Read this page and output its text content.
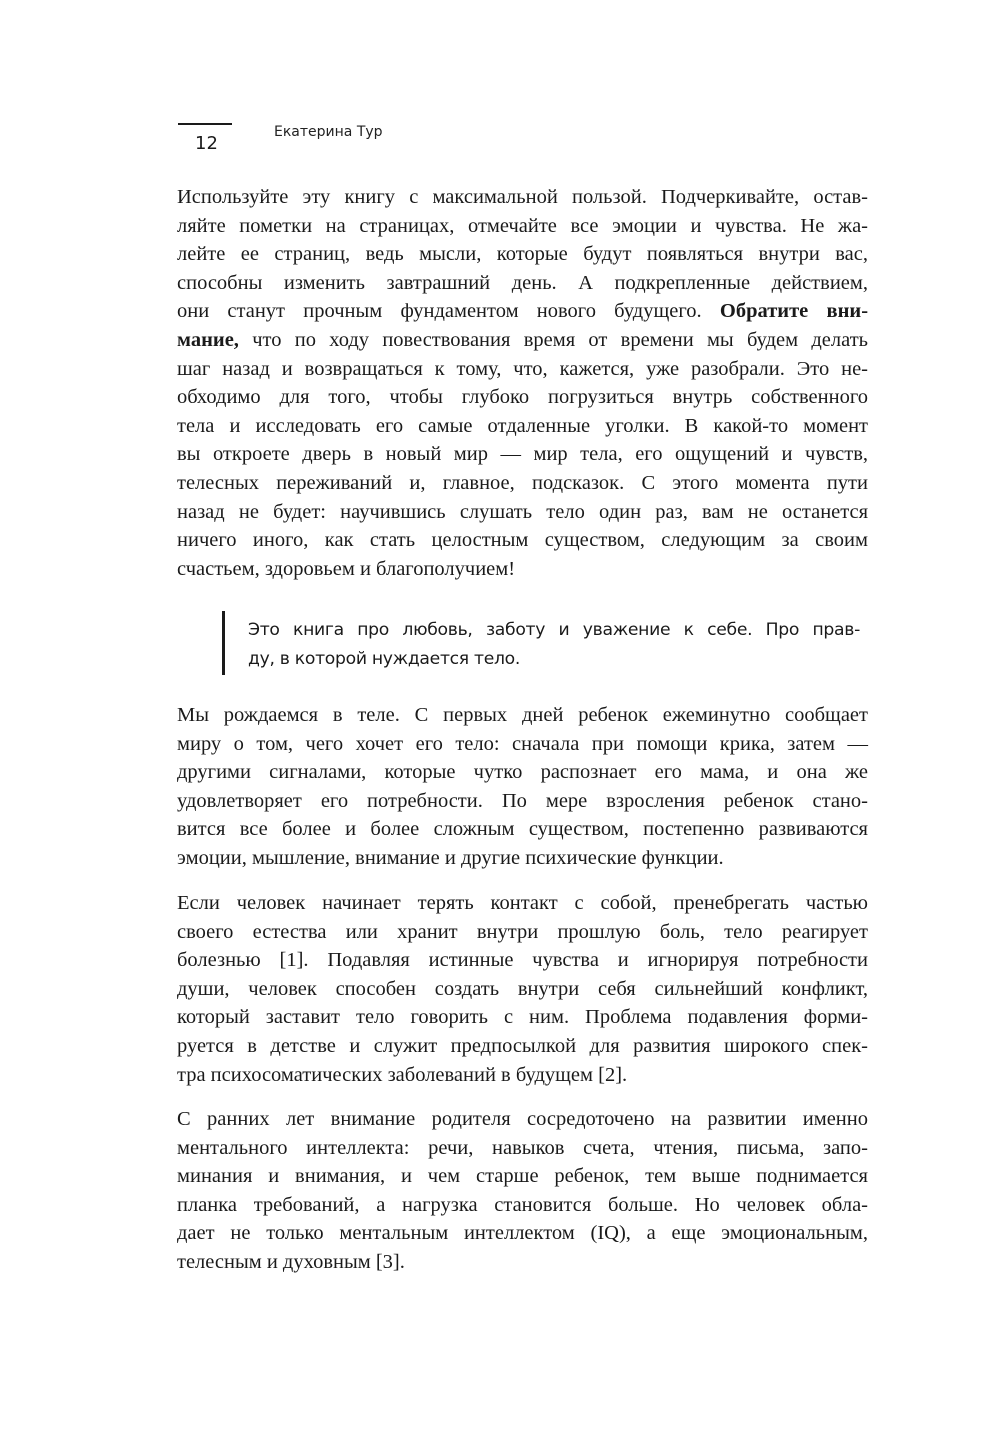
12
Екатерина Тур
Используйте эту книгу с максимальной пользой. Подчеркивайте, остав-
ляйте пометки на страницах, отмечайте все эмоции и чувства. Не жа-
лейте ее страниц, ведь мысли, которые будут появляться внутри вас,
способны изменить завтрашний день. А подкрепленные действием,
они станут прочным фундаментом нового будущего. Обратите вни-
мание, что по ходу повествования время от времени мы будем делать
шаг назад и возвращаться к тому, что, кажется, уже разобрали. Это не-
обходимо для того, чтобы глубоко погрузиться внутрь собственного
тела и исследовать его самые отдаленные уголки. В какой-то момент
вы откроете дверь в новый мир — мир тела, его ощущений и чувств,
телесных переживаний и, главное, подсказок. С этого момента пути
назад не будет: научившись слушать тело один раз, вам не останется
ничего иного, как стать целостным существом, следующим за своим
счастьем, здоровьем и благополучием!
Это книга про любовь, заботу и уважение к себе. Про прав-
ду, в которой нуждается тело.
Мы рождаемся в теле. С первых дней ребенок ежеминутно сообщает
миру о том, чего хочет его тело: сначала при помощи крика, затем —
другими сигналами, которые чутко распознает его мама, и она же
удовлетворяет его потребности. По мере взросления ребенок стано-
вится все более и более сложным существом, постепенно развиваются
эмоции, мышление, внимание и другие психические функции.
Если человек начинает терять контакт с собой, пренебрегать частью
своего естества или хранит внутри прошлую боль, тело реагирует
болезнью [1]. Подавляя истинные чувства и игнорируя потребности
души, человек способен создать внутри себя сильнейший конфликт,
который заставит тело говорить с ним. Проблема подавления форми-
руется в детстве и служит предпосылкой для развития широкого спек-
тра психосоматических заболеваний в будущем [2].
С ранних лет внимание родителя сосредоточено на развитии именно
ментального интеллекта: речи, навыков счета, чтения, письма, запо-
минания и внимания, и чем старше ребенок, тем выше поднимается
планка требований, а нагрузка становится больше. Но человек обла-
дает не только ментальным интеллектом (IQ), а еще эмоциональным,
телесным и духовным [3].
